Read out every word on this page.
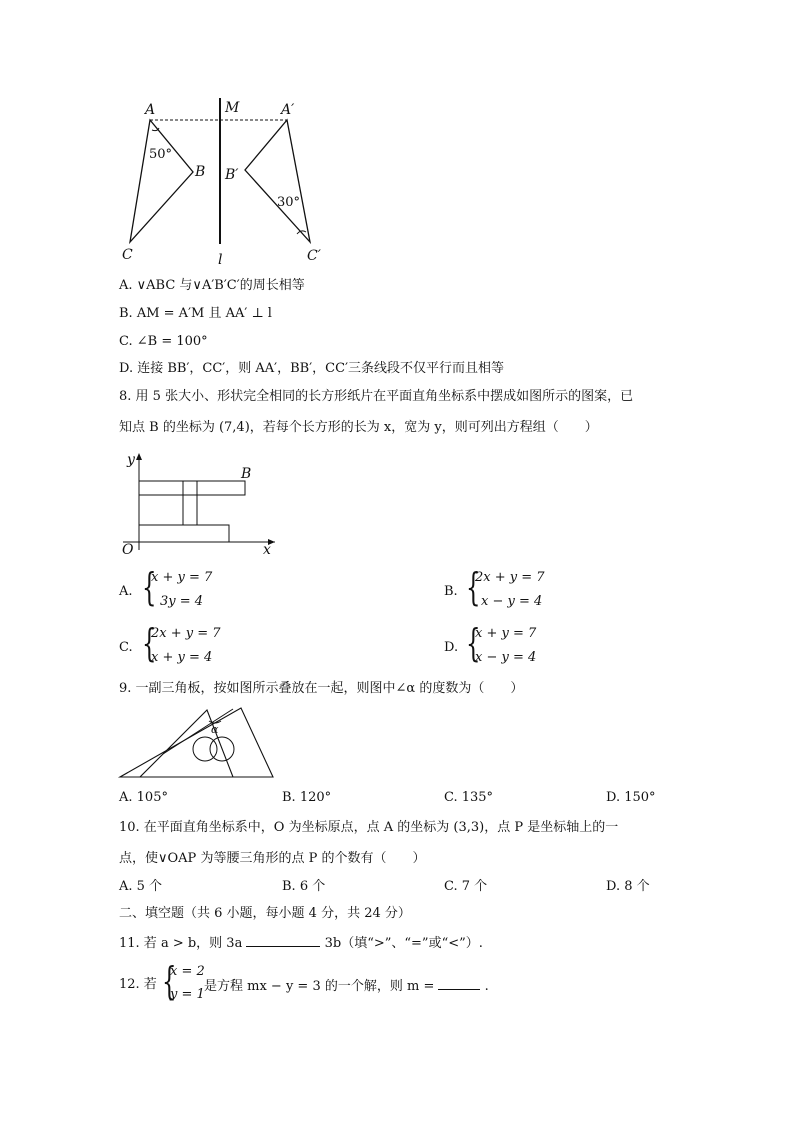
A	M	A′
50°
B B′
30°
C	l	C′
A. ∨ABC 与∨A′B′C′的周长相等
B. AM = A′M 且 AA′ ⊥ l
C. ∠B = 100°
D. 连接 BB′，CC′，则 AA′，BB′，CC′三条线段不仅平行而且相等
8. 用 5 张大小、形状完全相同的长方形纸片在平面直角坐标系中摆成如图所示的图案，已
知点 B 的坐标为 (7,4)，若每个长方形的长为 x，宽为 y，则可列出方程组（　　）
y
B
O	x
A. {
x + y = 7
3y = 4
B. {
2x + y = 7
x − y = 4
C. {
2x + y = 7
x + y = 4
D. {
x + y = 7
x − y = 4
9. 一副三角板，按如图所示叠放在一起，则图中∠α 的度数为（　　）
α
A. 105°	B. 120°	C. 135°	D. 150°
10. 在平面直角坐标系中，O 为坐标原点，点 A 的坐标为 (3,3)，点 P 是坐标轴上的一
点，使∨OAP 为等腰三角形的点 P 的个数有（　　）
A. 5 个	B. 6 个	C. 7 个	D. 8 个
二、填空题（共 6 小题，每小题 4 分，共 24 分）
11. 若 a > b，则 3a	3b（填“>”、“=”或“<”）.
12. 若 {
x = 2
y = 1
是方程 mx − y = 3 的一个解，则 m =	.
